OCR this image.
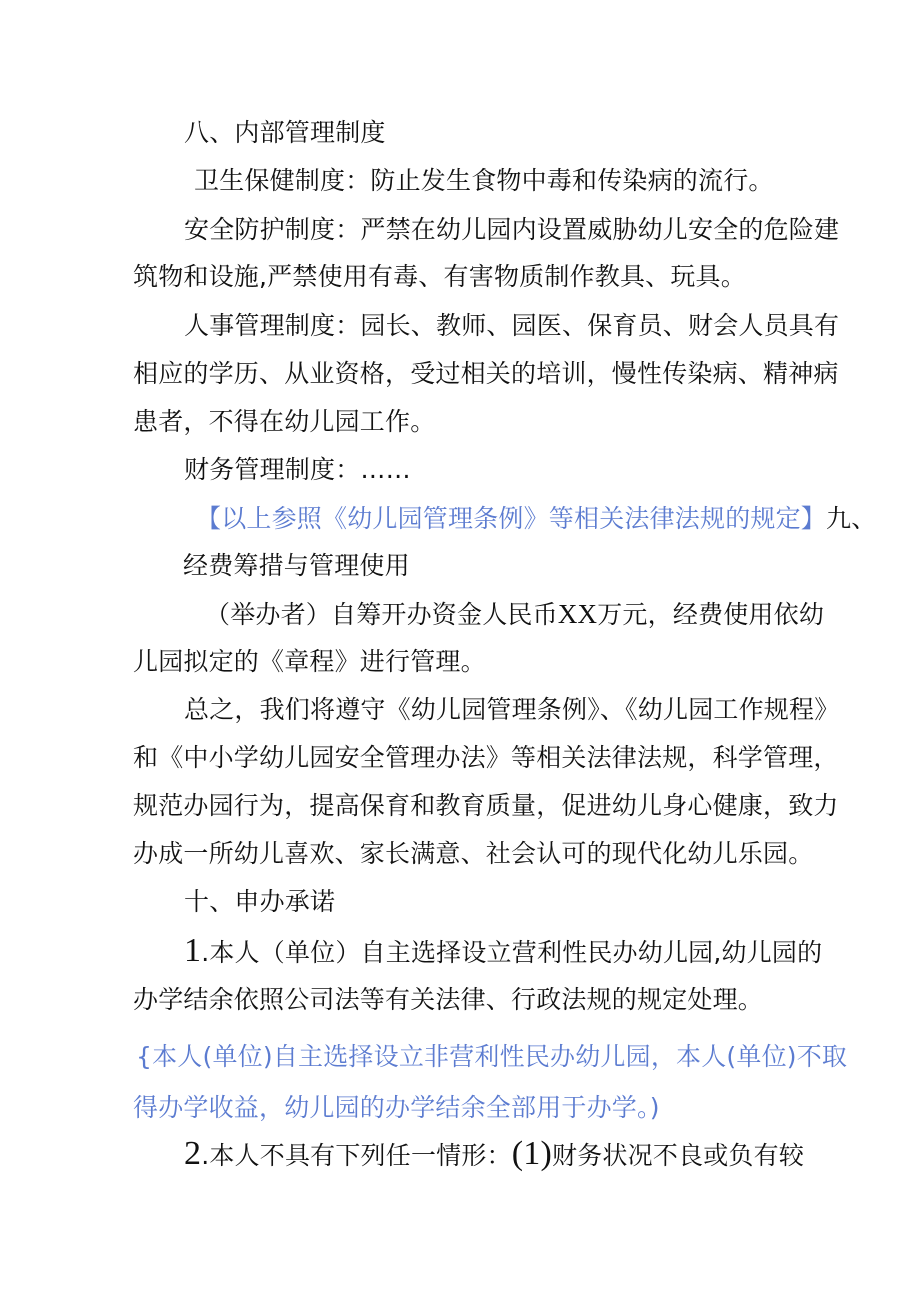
八、内部管理制度
卫生保健制度：防止发生食物中毒和传染病的流行。
安全防护制度：严禁在幼儿园内设置威胁幼儿安全的危险建
筑物和设施,严禁使用有毒、有害物质制作教具、玩具。
人事管理制度：园长、教师、园医、保育员、财会人员具有
相应的学历、从业资格，受过相关的培训，慢性传染病、精神病
患者，不得在幼儿园工作。
财务管理制度：……
【以上参照《幼儿园管理条例》等相关法律法规的规定】九、
经费筹措与管理使用
（举办者）自筹开办资金人民币XX万元，经费使用依幼
儿园拟定的《章程》进行管理。
总之，我们将遵守《幼儿园管理条例》、《幼儿园工作规程》
和《中小学幼儿园安全管理办法》等相关法律法规，科学管理，
规范办园行为，提高保育和教育质量，促进幼儿身心健康，致力
办成一所幼儿喜欢、家长满意、社会认可的现代化幼儿乐园。
十、申办承诺
1.本人（单位）自主选择设立营利性民办幼儿园,幼儿园的
办学结余依照公司法等有关法律、行政法规的规定处理。
{本人(单位)自主选择设立非营利性民办幼儿园，本人(单位)不取
得办学收益，幼儿园的办学结余全部用于办学。)
2.本人不具有下列任一情形：(1)财务状况不良或负有较
